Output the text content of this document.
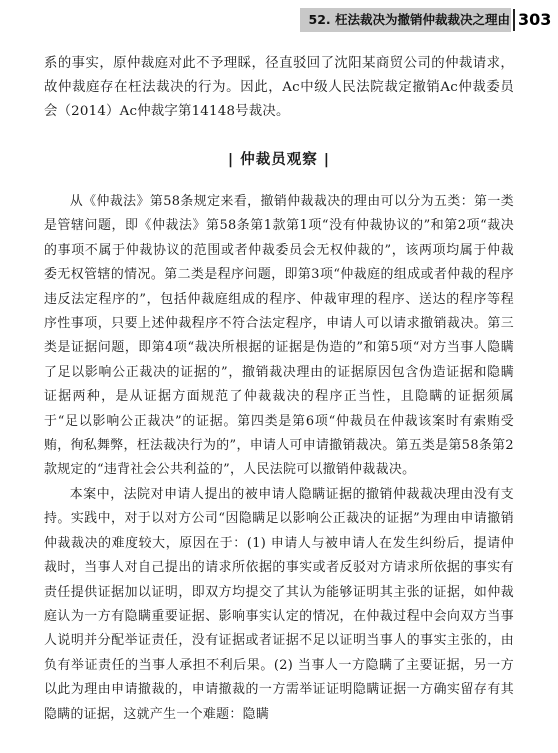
52. 枉法裁决为撤销仲裁裁决之理由 303

系的事实，原仲裁庭对此不予理睬，径直驳回了沈阳某商贸公司的仲裁请求，故仲裁庭存在枉法裁决的行为。因此，Ac中级人民法院裁定撤销Ac仲裁委员会（2014）Ac仲裁字第14148号裁决。

| 仲裁员观察 |

从《仲裁法》第58条规定来看，撤销仲裁裁决的理由可以分为五类：第一类是管辖问题，即《仲裁法》第58条第1款第1项“没有仲裁协议的”和第2项“裁决的事项不属于仲裁协议的范围或者仲裁委员会无权仲裁的”，该两项均属于仲裁委无权管辖的情况。第二类是程序问题，即第3项“仲裁庭的组成或者仲裁的程序违反法定程序的”，包括仲裁庭组成的程序、仲裁审理的程序、送达的程序等程序性事项，只要上述仲裁程序不符合法定程序，申请人可以请求撤销裁决。第三类是证据问题，即第4项“裁决所根据的证据是伪造的”和第5项“对方当事人隐瞒了足以影响公正裁决的证据的”，撤销裁决理由的证据原因包含伪造证据和隐瞒证据两种，是从证据方面规范了仲裁裁决的程序正当性，且隐瞒的证据须属于“足以影响公正裁决”的证据。第四类是第6项“仲裁员在仲裁该案时有索贿受贿，徇私舞弊，枉法裁决行为的”，申请人可申请撤销裁决。第五类是第58条第2款规定的“违背社会公共利益的”，人民法院可以撤销仲裁裁决。

本案中，法院对申请人提出的被申请人隐瞒证据的撤销仲裁裁决理由没有支持。实践中，对于以对方公司“因隐瞒足以影响公正裁决的证据”为理由申请撤销仲裁裁决的难度较大，原因在于：(1) 申请人与被申请人在发生纠纷后，提请仲裁时，当事人对自己提出的请求所依据的事实或者反驳对方请求所依据的事实有责任提供证据加以证明，即双方均提交了其认为能够证明其主张的证据，如仲裁庭认为一方有隐瞒重要证据、影响事实认定的情况，在仲裁过程中会向双方当事人说明并分配举证责任，没有证据或者证据不足以证明当事人的事实主张的，由负有举证责任的当事人承担不利后果。(2) 当事人一方隐瞒了主要证据，另一方以此为理由申请撤裁的，申请撤裁的一方需举证证明隐瞒证据一方确实留存有其隐瞒的证据，这就产生一个难题：隐瞒
